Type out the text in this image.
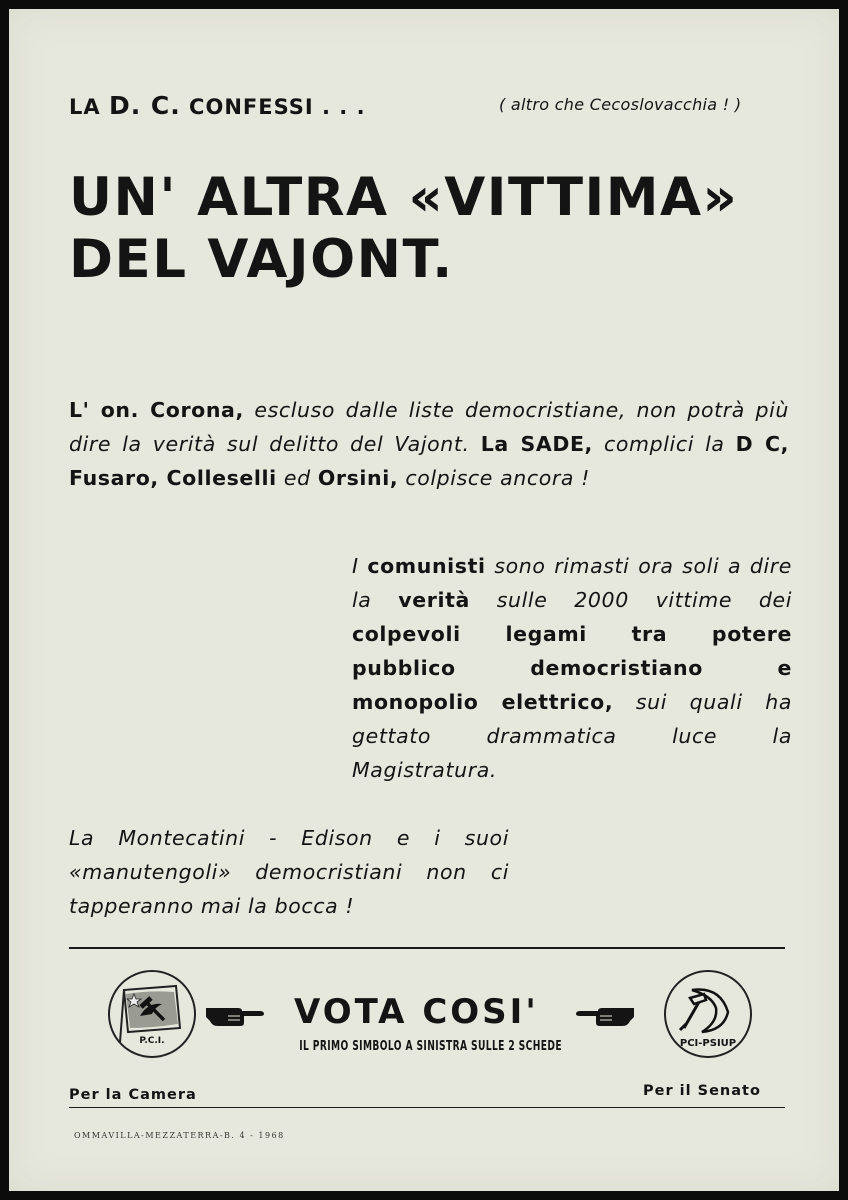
LA D. C. CONFESSI . . .	( altro che Cecoslovacchia ! )
UN' ALTRA «VITTIMA»
DEL VAJONT.
L' on. Corona, escluso dalle liste democristiane, non potrà più dire la verità sul delitto del Vajont. La SADE, complici la D C, Fusaro, Colleselli ed Orsini, colpisce ancora !
I comunisti sono rimasti ora soli a dire la verità sulle 2000 vittime dei colpevoli legami tra potere pubblico democristiano e monopolio elettrico, sui quali ha gettato drammatica luce la Magistratura.
La Montecatini - Edison e i suoi «manutengoli» democristiani non ci tapperanno mai la bocca !
P.C.I.
VOTA COSI'
IL PRIMO SIMBOLO A SINISTRA SULLE 2 SCHEDE	PCI-PSIUP
Per la Camera	Per il Senato
OMMAVILLA-MEZZATERRA-B. 4 - 1968
